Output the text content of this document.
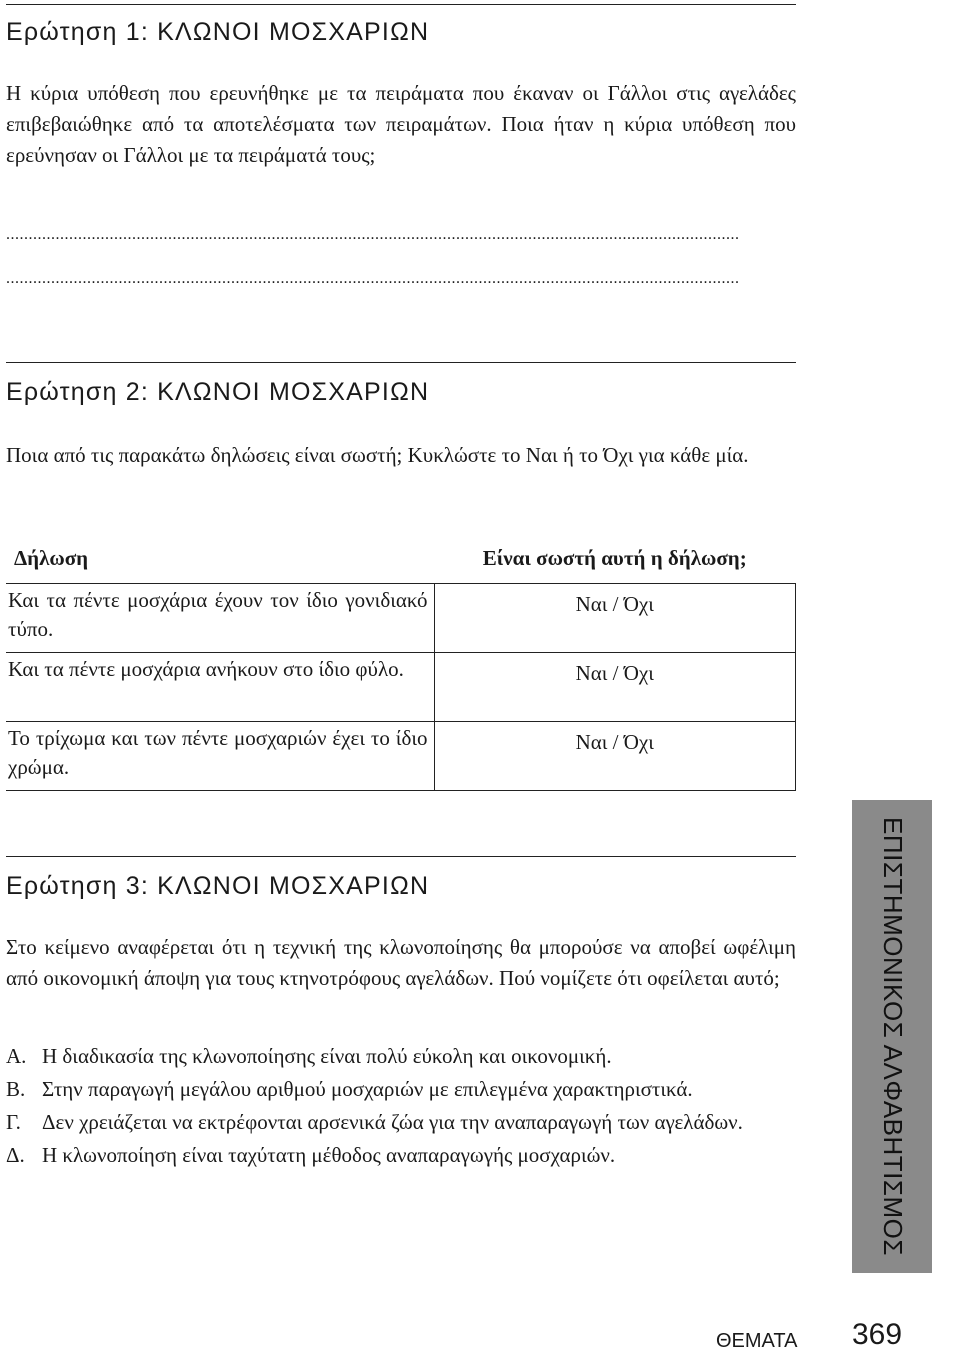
Ερώτηση 1: ΚΛΩΝΟΙ ΜΟΣΧΑΡΙΩΝ

Η κύρια υπόθεση που ερευνήθηκε με τα πειράματα που έκαναν οι Γάλλοι στις αγελάδες επιβεβαιώθηκε από τα αποτελέσματα των πειραμάτων. Ποια ήταν η κύρια υπόθεση που ερεύνησαν οι Γάλλοι με τα πειράματά τους;

...................................................................................................................................................................
...................................................................................................................................................................
Ερώτηση 2: ΚΛΩΝΟΙ ΜΟΣΧΑΡΙΩΝ

Ποια από τις παρακάτω δηλώσεις είναι σωστή; Κυκλώστε το Ναι ή το Όχι για κάθε μία.

Δήλωση	Είναι σωστή αυτή η δήλωση;
Και τα πέντε μοσχάρια έχουν τον ίδιο γονιδιακό τύπο.	Ναι / Όχι
Και τα πέντε μοσχάρια ανήκουν στο ίδιο φύλο.	Ναι / Όχι
Το τρίχωμα και των πέντε μοσχαριών έχει το ίδιο χρώμα.	Ναι / Όχι
Ερώτηση 3: ΚΛΩΝΟΙ ΜΟΣΧΑΡΙΩΝ

Στο κείμενο αναφέρεται ότι η τεχνική της κλωνοποίησης θα μπορούσε να αποβεί ωφέλιμη από οικονομική άποψη για τους κτηνοτρόφους αγελάδων. Πού νομίζετε ότι οφείλεται αυτό;

Α. Η διαδικασία της κλωνοποίησης είναι πολύ εύκολη και οικονομική.
Β. Στην παραγωγή μεγάλου αριθμού μοσχαριών με επιλεγμένα χαρακτηριστικά.
Γ.	Δεν χρειάζεται να εκτρέφονται αρσενικά ζώα για την αναπαραγωγή των αγελάδων.
Δ. Η κλωνοποίηση είναι ταχύτατη μέθοδος αναπαραγωγής μοσχαριών.	ΕΠΙΣΤΗΜΟΝΙΚΟΣ ΑΛΦΑΒΗΤΙΣΜΟΣ
ΘΕΜΑΤΑ 369
